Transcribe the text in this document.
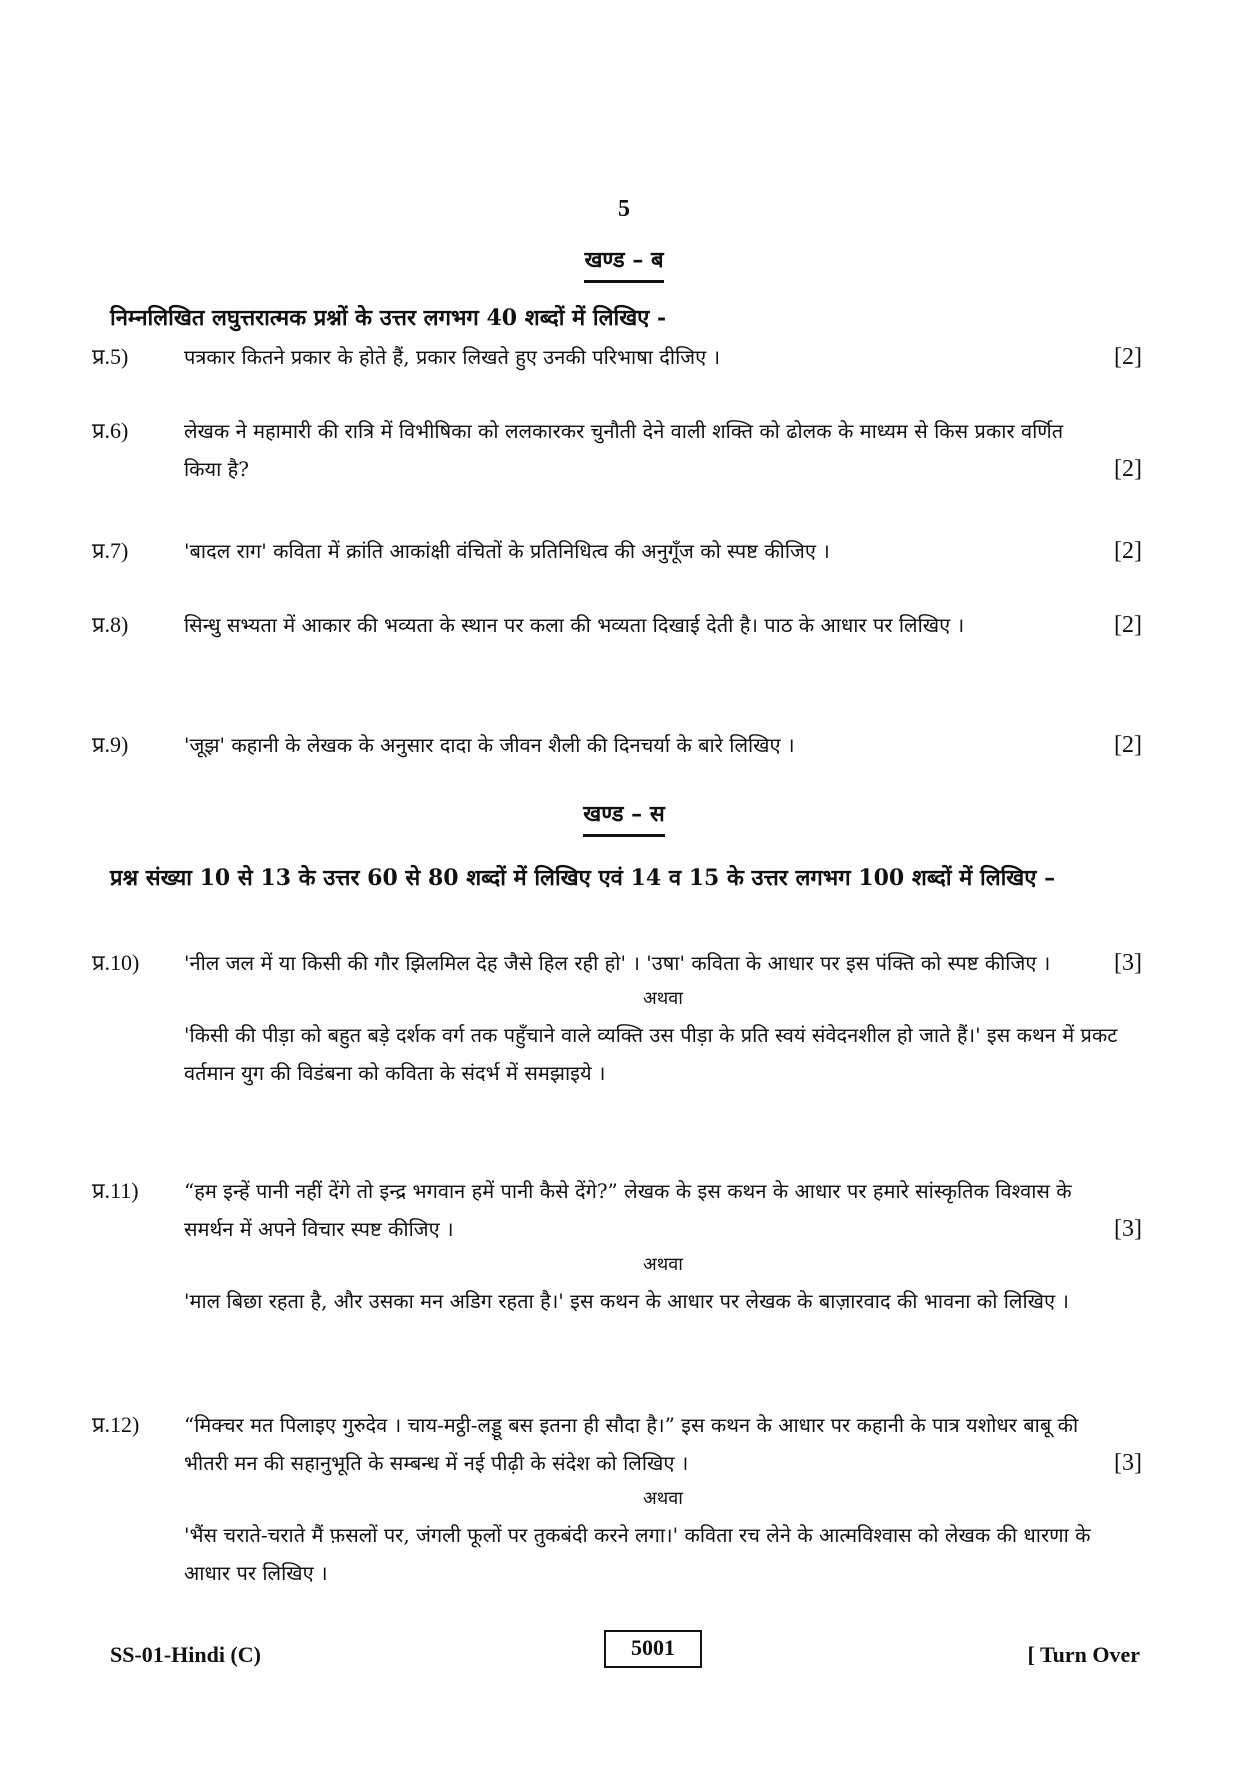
5
खण्ड – ब
निम्नलिखित लघुत्तरात्मक प्रश्नों के उत्तर लगभग 40 शब्दों में लिखिए -
प्र.5)	पत्रकार कितने प्रकार के होते हैं, प्रकार लिखते हुए उनकी परिभाषा दीजिए ।	[2]
प्र.6)	लेखक ने महामारी की रात्रि में विभीषिका को ललकारकर चुनौती देने वाली शक्ति को ढोलक के माध्यम से किस प्रकार वर्णित किया है?	[2]
प्र.7)	'बादल राग' कविता में क्रांति आकांक्षी वंचितों के प्रतिनिधित्व की अनुगूँज को स्पष्ट कीजिए ।	[2]
प्र.8)	सिन्धु सभ्यता में आकार की भव्यता के स्थान पर कला की भव्यता दिखाई देती है। पाठ के आधार पर लिखिए ।	[2]
प्र.9)	'जूझ' कहानी के लेखक के अनुसार दादा के जीवन शैली की दिनचर्या के बारे लिखिए ।	[2]
खण्ड – स
प्रश्न संख्या 10 से 13 के उत्तर 60 से 80 शब्दों में लिखिए एवं 14 व 15 के उत्तर लगभग 100 शब्दों में लिखिए –
प्र.10) 'नील जल में या किसी की गौर झिलमिल देह जैसे हिल रही हो' । 'उषा' कविता के आधार पर इस पंक्ति को स्पष्ट कीजिए ।	[3]
अथवा
'किसी की पीड़ा को बहुत बड़े दर्शक वर्ग तक पहुँचाने वाले व्यक्ति उस पीड़ा के प्रति स्वयं संवेदनशील हो जाते हैं।' इस कथन में प्रकट वर्तमान युग की विडंबना को कविता के संदर्भ में समझाइये ।
प्र.11) “हम इन्हें पानी नहीं देंगे तो इन्द्र भगवान हमें पानी कैसे देंगे?” लेखक के इस कथन के आधार पर हमारे सांस्कृतिक विश्वास के समर्थन में अपने विचार स्पष्ट कीजिए ।	[3]
अथवा
'माल बिछा रहता है, और उसका मन अडिग रहता है।' इस कथन के आधार पर लेखक के बाज़ारवाद की भावना को लिखिए ।
प्र.12) “मिक्चर मत पिलाइए गुरुदेव । चाय-मट्ठी-लड्डू बस इतना ही सौदा है।” इस कथन के आधार पर कहानी के पात्र यशोधर बाबू की भीतरी मन की सहानुभूति के सम्बन्ध में नई पीढ़ी के संदेश को लिखिए ।	[3]
अथवा
'भैंस चराते-चराते मैं फ़सलों पर, जंगली फूलों पर तुकबंदी करने लगा।' कविता रच लेने के आत्मविश्वास को लेखक की धारणा के आधार पर लिखिए ।
SS-01-Hindi (C)	5001	[ Turn Over
